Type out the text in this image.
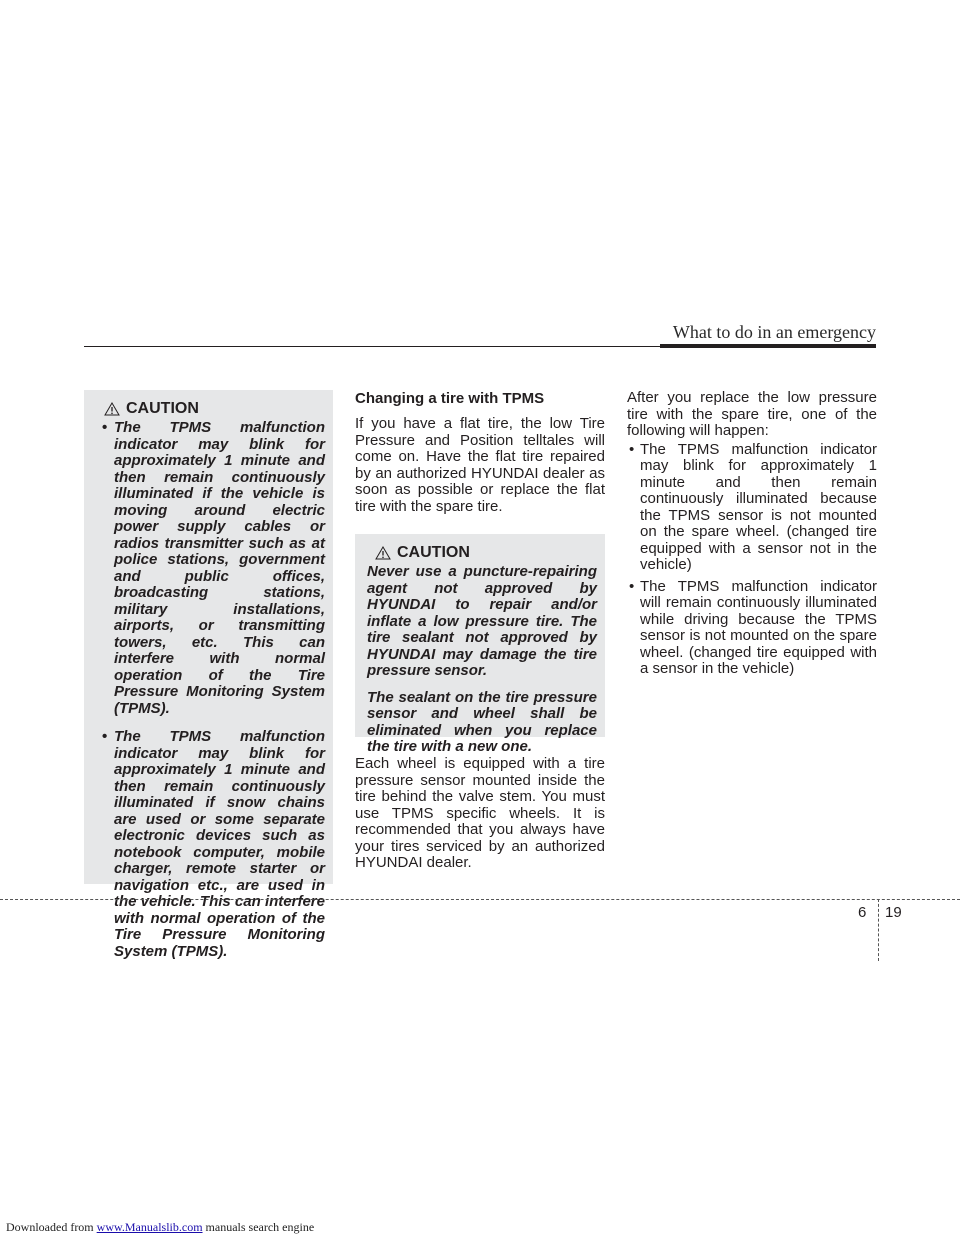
What to do in an emergency
CAUTION
• The TPMS malfunction indicator may blink for approximately 1 minute and then remain continuously illuminated if the vehicle is moving around electric power supply cables or radios transmitter such as at police stations, government and public offices, broadcasting stations, military installations, airports, or transmitting towers, etc. This can interfere with normal operation of the Tire Pressure Monitoring System (TPMS).
• The TPMS malfunction indicator may blink for approximately 1 minute and then remain continuously illuminated if snow chains are used or some separate electronic devices such as notebook computer, mobile charger, remote starter or navigation etc., are used in the vehicle. This can interfere with normal operation of the Tire Pressure Monitoring System (TPMS).

Changing a tire with TPMS

If you have a flat tire, the low Tire Pressure and Position telltales will come on. Have the flat tire repaired by an authorized HYUNDAI dealer as soon as possible or replace the flat tire with the spare tire.

CAUTION

Never use a puncture-repairing agent not approved by HYUNDAI to repair and/or inflate a low pressure tire. The tire sealant not approved by HYUNDAI may damage the tire pressure sensor.

The sealant on the tire pressure sensor and wheel shall be eliminated when you replace the tire with a new one.

Each wheel is equipped with a tire pressure sensor mounted inside the tire behind the valve stem. You must use TPMS specific wheels. It is recommended that you always have your tires serviced by an authorized HYUNDAI dealer.

After you replace the low pressure tire with the spare tire, one of the following will happen:

• The TPMS malfunction indicator may blink for approximately 1 minute and then remain continuously illuminated because the TPMS sensor is not mounted on the spare wheel. (changed tire equipped with a sensor not in the vehicle)
• The TPMS malfunction indicator will remain continuously illuminated while driving because the TPMS sensor is not mounted on the spare wheel. (changed tire equipped with a sensor in the vehicle)
6 19
Downloaded from www.Manualslib.com manuals search engine
